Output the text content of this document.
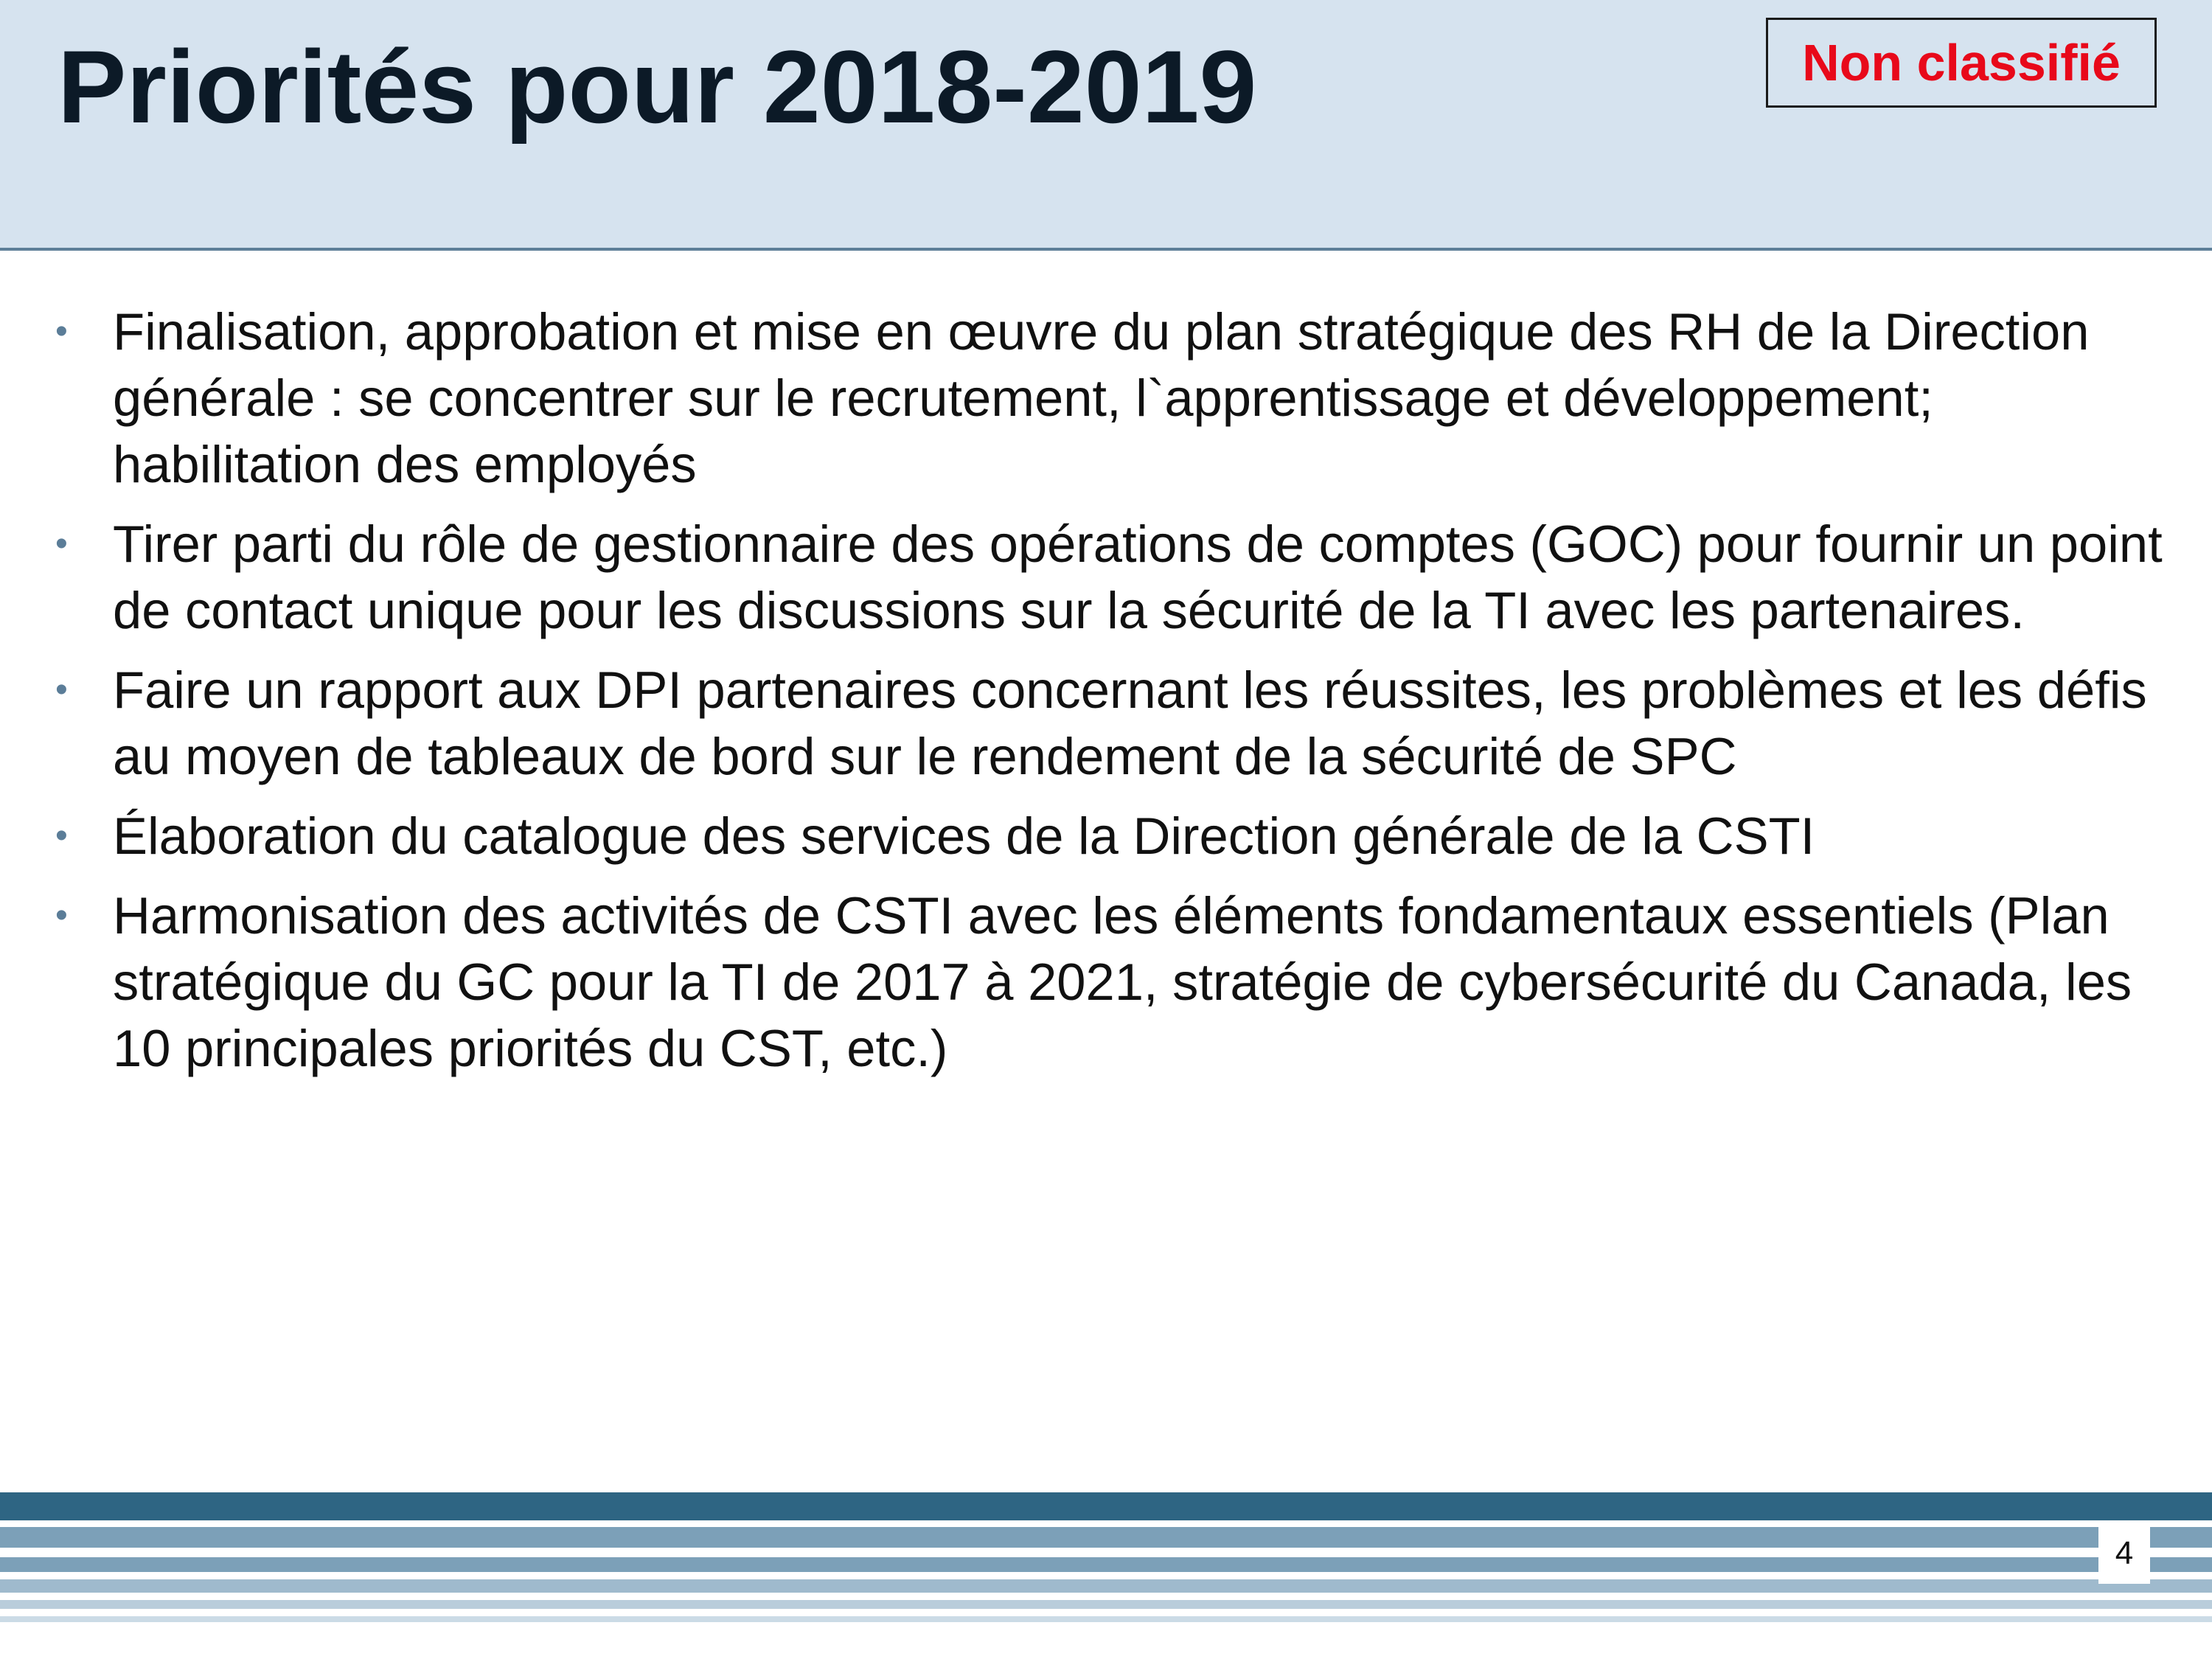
Priorités pour 2018-2019	Non classifié
• Finalisation, approbation et mise en œuvre du plan stratégique des RH de la Direction générale : se concentrer sur le recrutement, l`apprentissage et développement; habilitation des employés
• Tirer parti du rôle de gestionnaire des opérations de comptes (GOC) pour fournir un point de contact unique pour les discussions sur la sécurité de la TI avec les partenaires.
• Faire un rapport aux DPI partenaires concernant les réussites, les problèmes et les défis au moyen de tableaux de bord sur le rendement de la sécurité de SPC
• Élaboration du catalogue des services de la Direction générale de la CSTI
• Harmonisation des activités de CSTI avec les éléments fondamentaux essentiels (Plan stratégique du GC pour la TI de 2017 à 2021, stratégie de cybersécurité du Canada, les 10 principales priorités du CST, etc.)
4
